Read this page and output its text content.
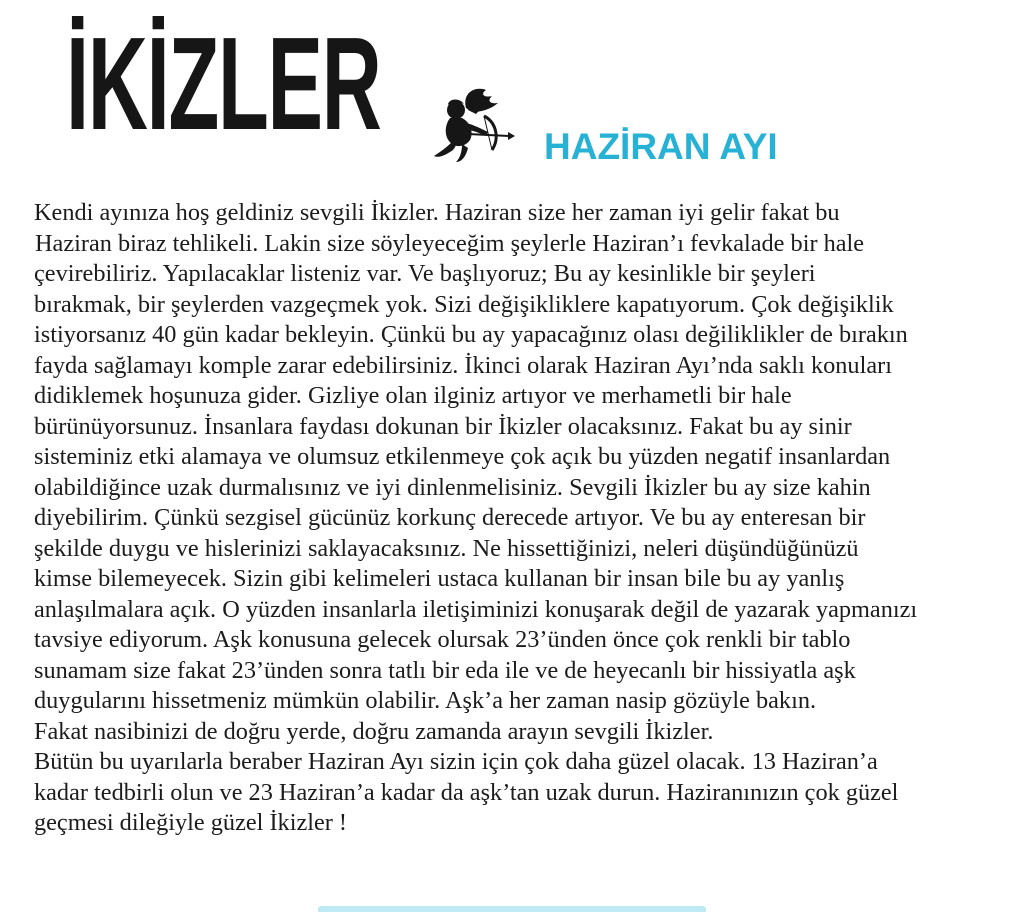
İKİZLER	HAZİRAN AYI
Kendi ayınıza hoş geldiniz sevgili İkizler. Haziran size her zaman iyi gelir fakat bu
Haziran biraz tehlikeli. Lakin size söyleyeceğim şeylerle Haziran’ı fevkalade bir hale
çevirebiliriz. Yapılacaklar listeniz var. Ve başlıyoruz; Bu ay kesinlikle bir şeyleri
bırakmak, bir şeylerden vazgeçmek yok. Sizi değişikliklere kapatıyorum. Çok değişiklik
istiyorsanız 40 gün kadar bekleyin. Çünkü bu ay yapacağınız olası değiliklikler de bırakın
fayda sağlamayı komple zarar edebilirsiniz. İkinci olarak Haziran Ayı’nda saklı konuları
didiklemek hoşunuza gider. Gizliye olan ilginiz artıyor ve merhametli bir hale
bürünüyorsunuz. İnsanlara faydası dokunan bir İkizler olacaksınız. Fakat bu ay sinir
sisteminiz etki alamaya ve olumsuz etkilenmeye çok açık bu yüzden negatif insanlardan
olabildiğince uzak durmalısınız ve iyi dinlenmelisiniz. Sevgili İkizler bu ay size kahin
diyebilirim. Çünkü sezgisel gücünüz korkunç derecede artıyor. Ve bu ay enteresan bir
şekilde duygu ve hislerinizi saklayacaksınız. Ne hissettiğinizi, neleri düşündüğünüzü
kimse bilemeyecek. Sizin gibi kelimeleri ustaca kullanan bir insan bile bu ay yanlış
anlaşılmalara açık. O yüzden insanlarla iletişiminizi konuşarak değil de yazarak yapmanızı
tavsiye ediyorum. Aşk konusuna gelecek olursak 23’ünden önce çok renkli bir tablo
sunamam size fakat 23’ünden sonra tatlı bir eda ile ve de heyecanlı bir hissiyatla aşk
duygularını hissetmeniz mümkün olabilir. Aşk’a her zaman nasip gözüyle bakın.
Fakat nasibinizi de doğru yerde, doğru zamanda arayın sevgili İkizler.
Bütün bu uyarılarla beraber Haziran Ayı sizin için çok daha güzel olacak. 13 Haziran’a
kadar tedbirli olun ve 23 Haziran’a kadar da aşk’tan uzak durun. Haziranınızın çok güzel
geçmesi dileğiyle güzel İkizler !
